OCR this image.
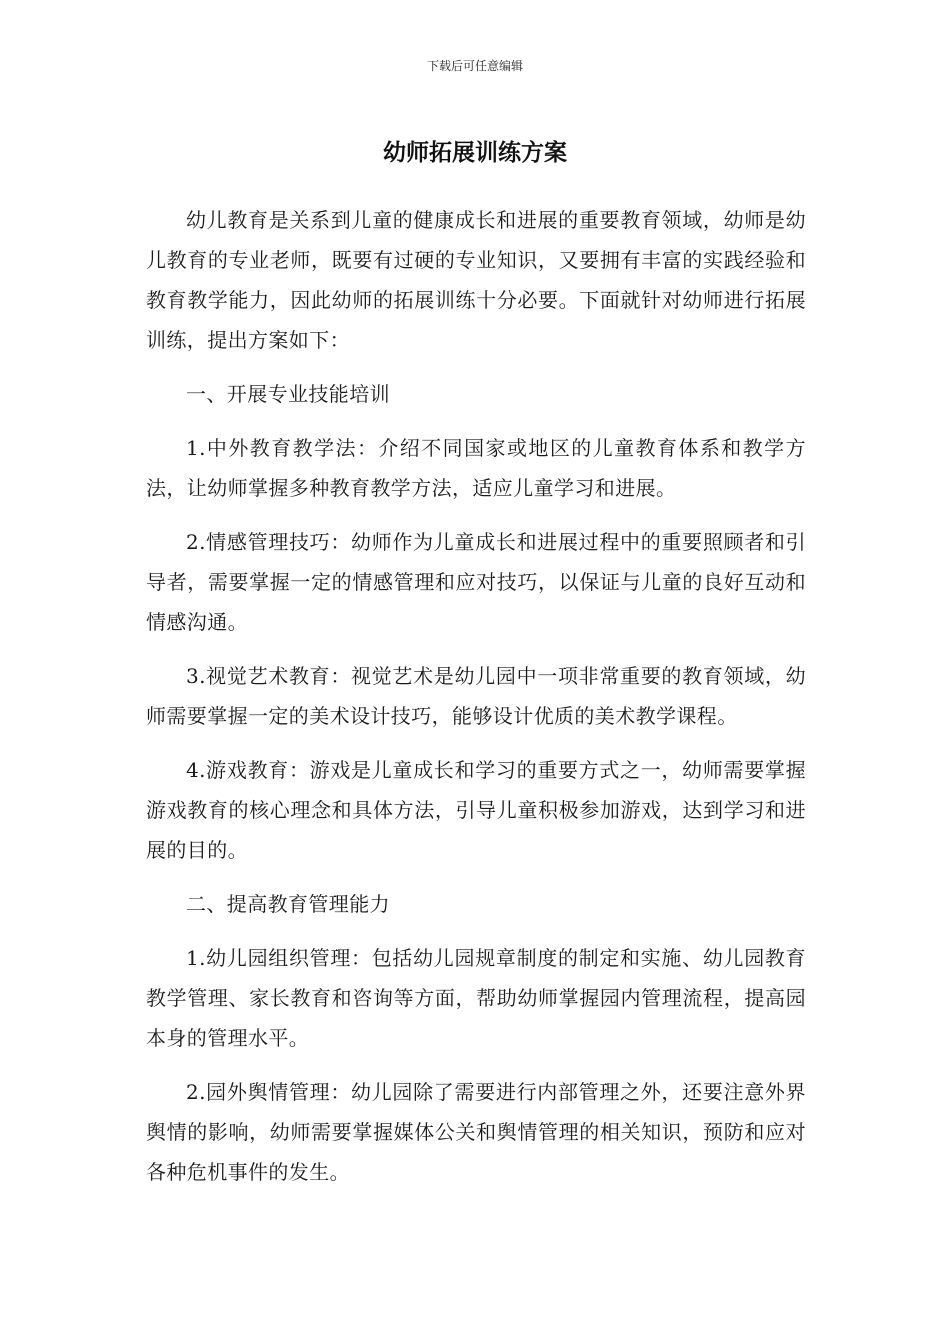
下载后可任意编辑
幼师拓展训练方案

幼儿教育是关系到儿童的健康成长和进展的重要教育领域，幼师是幼儿教育的专业老师，既要有过硬的专业知识，又要拥有丰富的实践经验和教育教学能力，因此幼师的拓展训练十分必要。下面就针对幼师进行拓展训练，提出方案如下：

一、开展专业技能培训

1.中外教育教学法：介绍不同国家或地区的儿童教育体系和教学方法，让幼师掌握多种教育教学方法，适应儿童学习和进展。

2.情感管理技巧：幼师作为儿童成长和进展过程中的重要照顾者和引导者，需要掌握一定的情感管理和应对技巧，以保证与儿童的良好互动和情感沟通。

3.视觉艺术教育：视觉艺术是幼儿园中一项非常重要的教育领域，幼师需要掌握一定的美术设计技巧，能够设计优质的美术教学课程。

4.游戏教育：游戏是儿童成长和学习的重要方式之一，幼师需要掌握游戏教育的核心理念和具体方法，引导儿童积极参加游戏，达到学习和进展的目的。

二、提高教育管理能力

1.幼儿园组织管理：包括幼儿园规章制度的制定和实施、幼儿园教育教学管理、家长教育和咨询等方面，帮助幼师掌握园内管理流程，提高园本身的管理水平。

2.园外舆情管理：幼儿园除了需要进行内部管理之外，还要注意外界舆情的影响，幼师需要掌握媒体公关和舆情管理的相关知识，预防和应对各种危机事件的发生。
